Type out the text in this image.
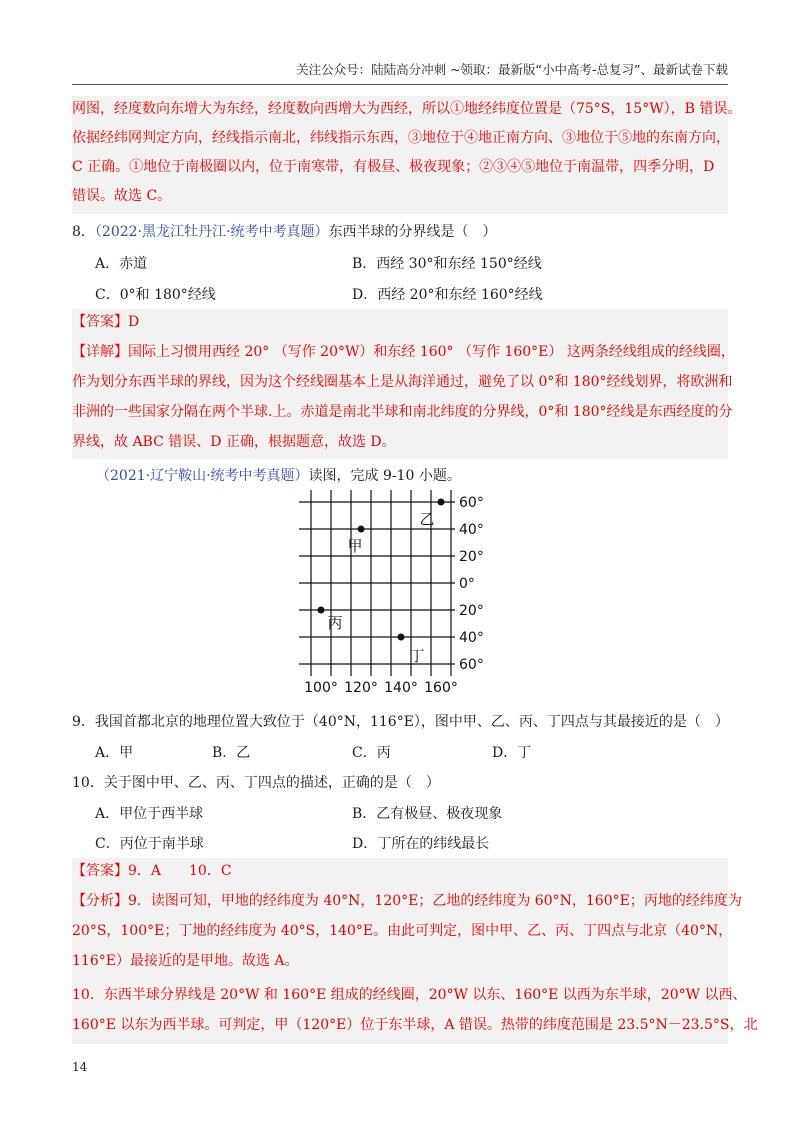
关注公众号：陆陆高分冲刺 ~领取：最新版“小中高考-总复习”、最新试卷下载
网图，经度数向东增大为东经，经度数向西增大为西经，所以①地经纬度位置是（75°S，15°W），B 错误。
依据经纬网判定方向，经线指示南北，纬线指示东西，③地位于④地正南方向、③地位于⑤地的东南方向，
C 正确。①地位于南极圈以内，位于南寒带，有极昼、极夜现象；②③④⑤地位于南温带，四季分明，D
错误。故选 C。
8．（2022·黑龙江牡丹江·统考中考真题）东西半球的分界线是（　）
A．赤道	B．西经 30°和东经 150°经线
C．0°和 180°经线	D．西经 20°和东经 160°经线
【答案】D
【详解】国际上习惯用西经 20° （写作 20°W）和东经 160° （写作 160°E） 这两条经线组成的经线圈，
作为划分东西半球的界线，因为这个经线圈基本上是从海洋通过，避免了以 0°和 180°经线划界，将欧洲和
非洲的一些国家分隔在两个半球.上。赤道是南北半球和南北纬度的分界线，0°和 180°经线是东西经度的分
界线，故 ABC 错误、D 正确，根据题意，故选 D。
（2021·辽宁鞍山·统考中考真题）读图，完成 9-10 小题。
60°
40°
20°
0°
20°
40°
60°
100° 120° 140° 160°
甲
乙
丙
丁
9．我国首都北京的地理位置大致位于（40°N，116°E），图中甲、乙、丙、丁四点与其最接近的是（　）
A．甲	B．乙	C．丙	D．丁
10．关于图中甲、乙、丙、丁四点的描述，正确的是（　）
A．甲位于西半球	B．乙有极昼、极夜现象
C．丙位于南半球	D．丁所在的纬线最长
【答案】9．A　　10．C
【分析】9．读图可知，甲地的经纬度为 40°N，120°E；乙地的经纬度为 60°N，160°E；丙地的经纬度为
20°S，100°E；丁地的经纬度为 40°S，140°E。由此可判定，图中甲、乙、丙、丁四点与北京（40°N，
116°E）最接近的是甲地。故选 A。
10．东西半球分界线是 20°W 和 160°E 组成的经线圈，20°W 以东、160°E 以西为东半球，20°W 以西、
160°E 以东为西半球。可判定，甲（120°E）位于东半球，A 错误。热带的纬度范围是 23.5°N－23.5°S，北
14
